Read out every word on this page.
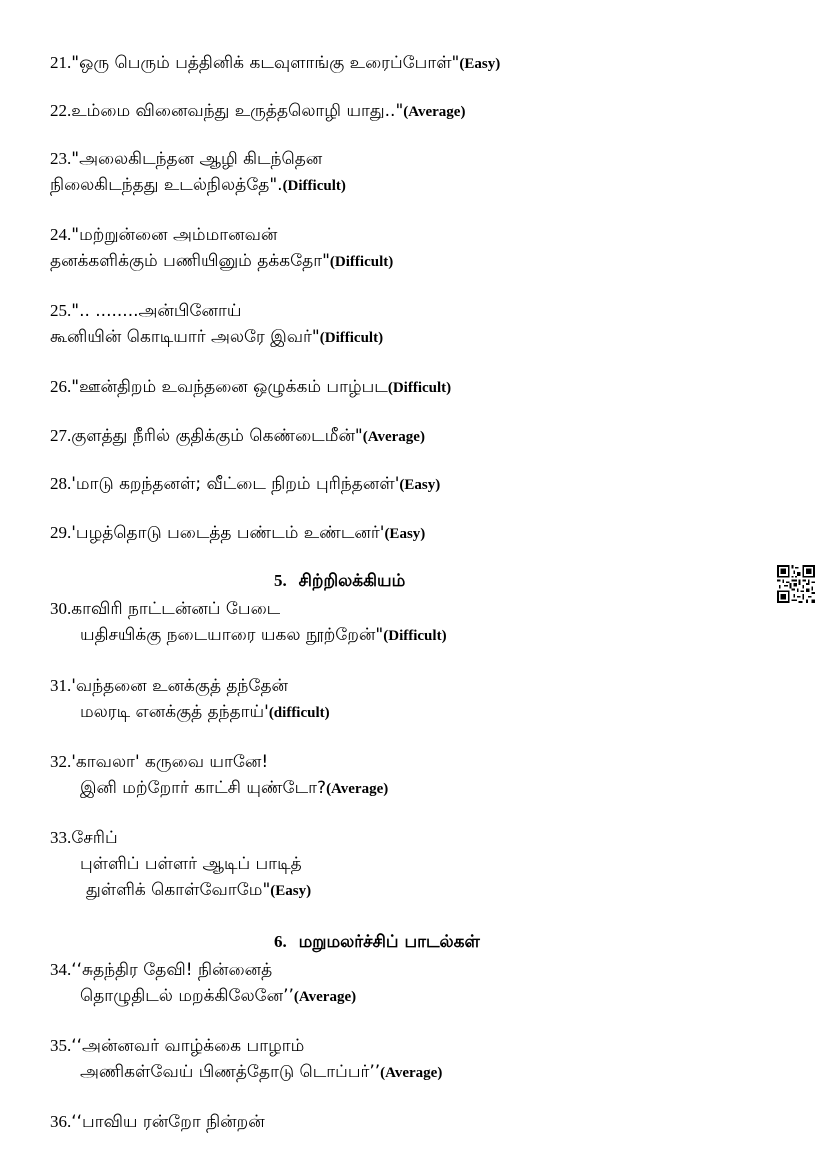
21."ஒரு பெரும் பத்தினிக் கடவுளாங்கு உரைப்போள்"(Easy)
22.உம்மை வினைவந்து உருத்தலொழி யாது.."(Average)
23."அலைகிடந்தன ஆழி கிடந்தென
நிலைகிடந்தது உடல்நிலத்தே".(Difficult)
24."மற்றுன்னை அம்மானவன்
தனக்களிக்கும் பணியினும் தக்கதோ"(Difficult)
25.".. ........அன்பினோய்
கூனியின் கொடியார் அலரே இவர்"(Difficult)
26."ஊன்திறம் உவந்தனை ஒழுக்கம் பாழ்பட(Difficult)
27.குளத்து நீரில் குதிக்கும் கெண்டைமீன்"(Average)
28.'மாடு கறந்தனள்; வீட்டை நிறம் புரிந்தனள்'(Easy)
29.'பழத்தொடு படைத்த பண்டம் உண்டனர்'(Easy)
5. சிற்றிலக்கியம்
30.காவிரி நாட்டன்னப் பேடை
யதிசயிக்கு நடையாரை யகல நூற்றேன்"(Difficult)
31.'வந்தனை உனக்குத் தந்தேன்
மலரடி எனக்குத் தந்தாய்'(difficult)
32.'காவலா' கருவை யானே!
இனி மற்றோர் காட்சி யுண்டோ?(Average)
33.சேரிப்
புள்ளிப் பள்ளர் ஆடிப் பாடித்
துள்ளிக் கொள்வோமே"(Easy)
6. மறுமலர்ச்சிப் பாடல்கள்
34.‘‘சுதந்திர தேவி! நின்னைத்
தொழுதிடல் மறக்கிலேனே’’(Average)
35.‘‘அன்னவர் வாழ்க்கை பாழாம்
அணிகள்வேய் பிணத்தோடு டொப்பர்’’(Average)
36.‘‘பாவிய ரன்றோ நின்றன்
